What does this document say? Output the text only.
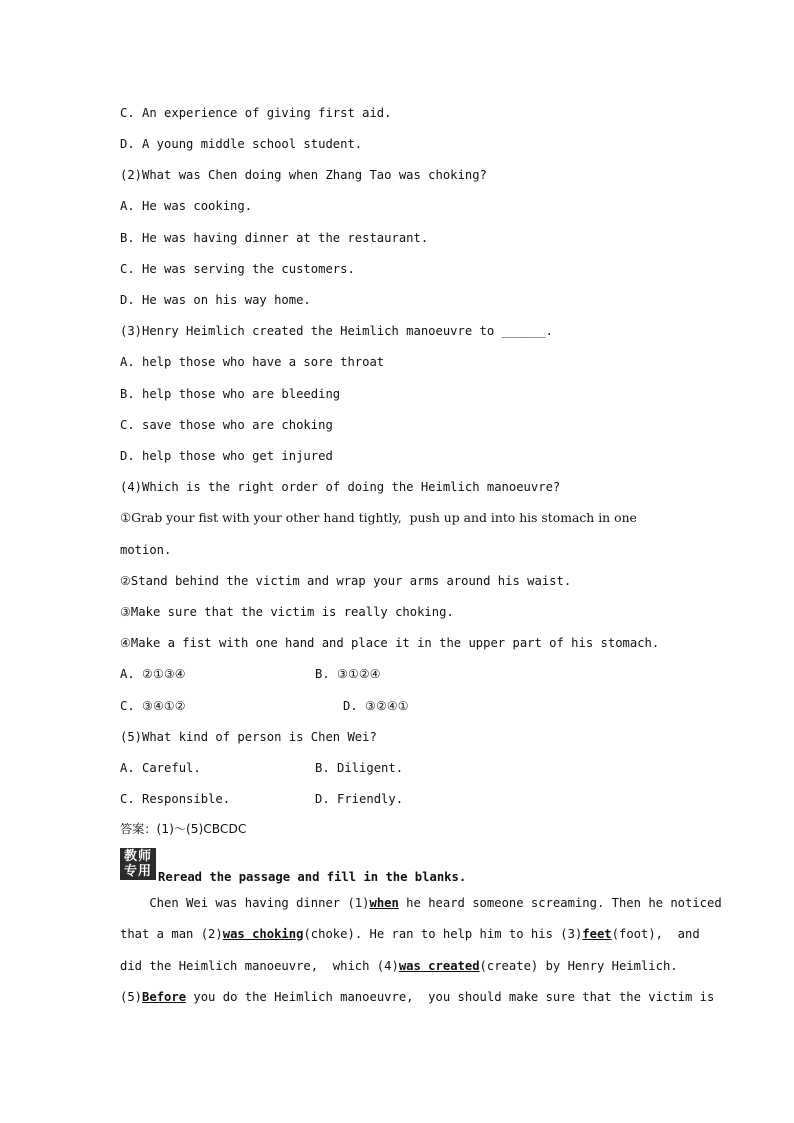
C. An experience of giving first aid.
D. A young middle school student.
(2)What was Chen doing when Zhang Tao was choking?
A. He was cooking.
B. He was having dinner at the restaurant.
C. He was serving the customers.
D. He was on his way home.
(3)Henry Heimlich created the Heimlich manoeuvre to ______.
A. help those who have a sore throat
B. help those who are bleeding
C. save those who are choking
D. help those who get injured
(4)Which is the right order of doing the Heimlich manoeuvre?
①Grab your fist with your other hand tightly,  push up and into his stomach in one
motion.
②Stand behind the victim and wrap your arms around his waist.
③Make sure that the victim is really choking.
④Make a fist with one hand and place it in the upper part of his stomach.
A. ②①③④	B. ③①②④
C. ③④①②	D. ③②④①
(5)What kind of person is Chen Wei?
A. Careful.	B. Diligent.
C. Responsible.	D. Friendly.
答案：(1)～(5)CBCDC
教师
专用 Reread the passage and fill in the blanks.
Chen Wei was having dinner (1)when he heard someone screaming. Then he noticed
that a man (2)was choking(choke). He ran to help him to his (3)feet(foot),  and
did the Heimlich manoeuvre,  which (4)was created(create) by Henry Heimlich.
(5)Before you do the Heimlich manoeuvre,  you should make sure that the victim is
